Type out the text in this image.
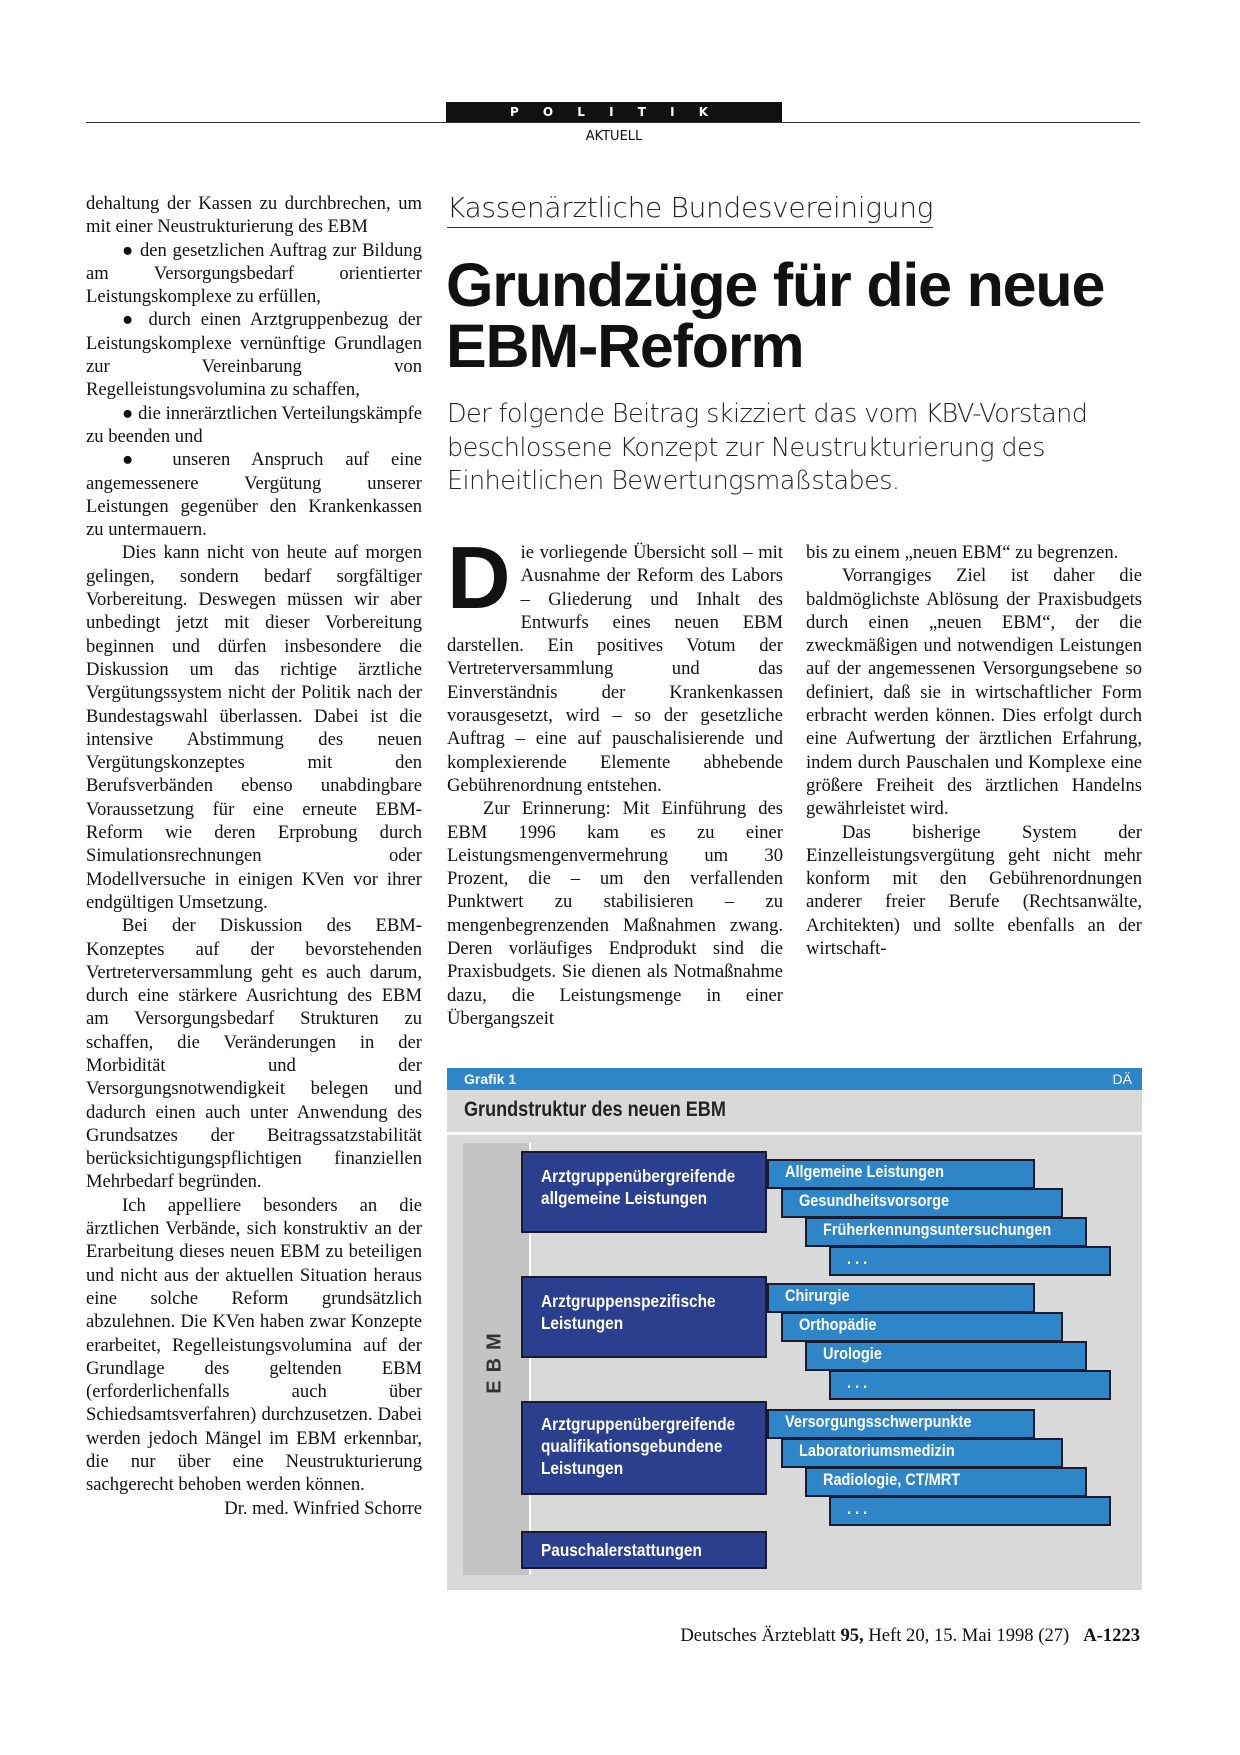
P O L I T I K
AKTUELL

dehaltung der Kassen zu durchbrechen, um mit einer Neustrukturierung des EBM

● den gesetzlichen Auftrag zur Bildung am Versorgungsbedarf orientierter Leistungskomplexe zu erfüllen,

● durch einen Arztgruppenbezug der Leistungskomplexe vernünftige Grundlagen zur Vereinbarung von Regelleistungsvolumina zu schaffen,

● die innerärztlichen Verteilungskämpfe zu beenden und

● unseren Anspruch auf eine angemessenere Vergütung unserer Leistungen gegenüber den Krankenkassen zu untermauern.

Dies kann nicht von heute auf morgen gelingen, sondern bedarf sorgfältiger Vorbereitung. Deswegen müssen wir aber unbedingt jetzt mit dieser Vorbereitung beginnen und dürfen insbesondere die Diskussion um das richtige ärztliche Vergütungssystem nicht der Politik nach der Bundestagswahl überlassen. Dabei ist die intensive Abstimmung des neuen Vergütungskonzeptes mit den Berufsverbänden ebenso unabdingbare Voraussetzung für eine erneute EBM-Reform wie deren Erprobung durch Simulationsrechnungen oder Modellversuche in einigen KVen vor ihrer endgültigen Umsetzung.

Bei der Diskussion des EBM-Konzeptes auf der bevorstehenden Vertreterversammlung geht es auch darum, durch eine stärkere Ausrichtung des EBM am Versorgungsbedarf Strukturen zu schaffen, die Veränderungen in der Morbidität und der Versorgungsnotwendigkeit belegen und dadurch einen auch unter Anwendung des Grundsatzes der Beitragssatzstabilität berücksichtigungspflichtigen finanziellen Mehrbedarf begründen.

Ich appelliere besonders an die ärztlichen Verbände, sich konstruktiv an der Erarbeitung dieses neuen EBM zu beteiligen und nicht aus der aktuellen Situation heraus eine solche Reform grundsätzlich abzulehnen. Die KVen haben zwar Konzepte erarbeitet, Regelleistungsvolumina auf der Grundlage des geltenden EBM (erforderlichenfalls auch über Schiedsamtsverfahren) durchzusetzen. Dabei werden jedoch Mängel im EBM erkennbar, die nur über eine Neustrukturierung sachgerecht behoben werden können.

Dr. med. Winfried Schorre

Kassenärztliche Bundesvereinigung
Grundzüge für die neue
EBM-Reform

Der folgende Beitrag skizziert das vom KBV-Vorstand beschlossene Konzept zur Neustrukturierung des Einheitlichen Bewertungsmaßstabes.

Die vorliegende Übersicht soll – mit Ausnahme der Reform des Labors – Gliederung und Inhalt des Entwurfs eines neuen EBM darstellen. Ein positives Votum der Vertreterversammlung und das Einverständnis der Krankenkassen vorausgesetzt, wird – so der gesetzliche Auftrag – eine auf pauschalisierende und komplexierende Elemente abhebende Gebührenordnung entstehen.

Zur Erinnerung: Mit Einführung des EBM 1996 kam es zu einer Leistungsmengenvermehrung um 30 Prozent, die – um den verfallenden Punktwert zu stabilisieren – zu mengenbegrenzenden Maßnahmen zwang. Deren vorläufiges Endprodukt sind die Praxisbudgets. Sie dienen als Notmaßnahme dazu, die Leistungsmenge in einer Übergangszeit

bis zu einem „neuen EBM“ zu begrenzen.

Vorrangiges Ziel ist daher die baldmöglichste Ablösung der Praxisbudgets durch einen „neuen EBM“, der die zweckmäßigen und notwendigen Leistungen auf der angemessenen Versorgungsebene so definiert, daß sie in wirtschaftlicher Form erbracht werden können. Dies erfolgt durch eine Aufwertung der ärztlichen Erfahrung, indem durch Pauschalen und Komplexe eine größere Freiheit des ärztlichen Handelns gewährleistet wird.

Das bisherige System der Einzelleistungsvergütung geht nicht mehr konform mit den Gebührenordnungen anderer freier Berufe (Rechtsanwälte, Architekten) und sollte ebenfalls an der wirtschaft-

Grafik 1	DÄ
Grundstruktur des neuen EBM
EBM
Arztgruppenübergreifende
allgemeine Leistungen
Allgemeine Leistungen
Gesundheitsvorsorge
Früherkennungsuntersuchungen
. . .
Arztgruppenspezifische
Leistungen
Chirurgie
Orthopädie
Urologie
. . .
Arztgruppenübergreifende
qualifikationsgebundene
Leistungen
Versorgungsschwerpunkte
Laboratoriumsmedizin
Radiologie, CT/MRT
. . .
Pauschalerstattungen
Deutsches Ärzteblatt 95, Heft 20, 15. Mai 1998 (27) A-1223
